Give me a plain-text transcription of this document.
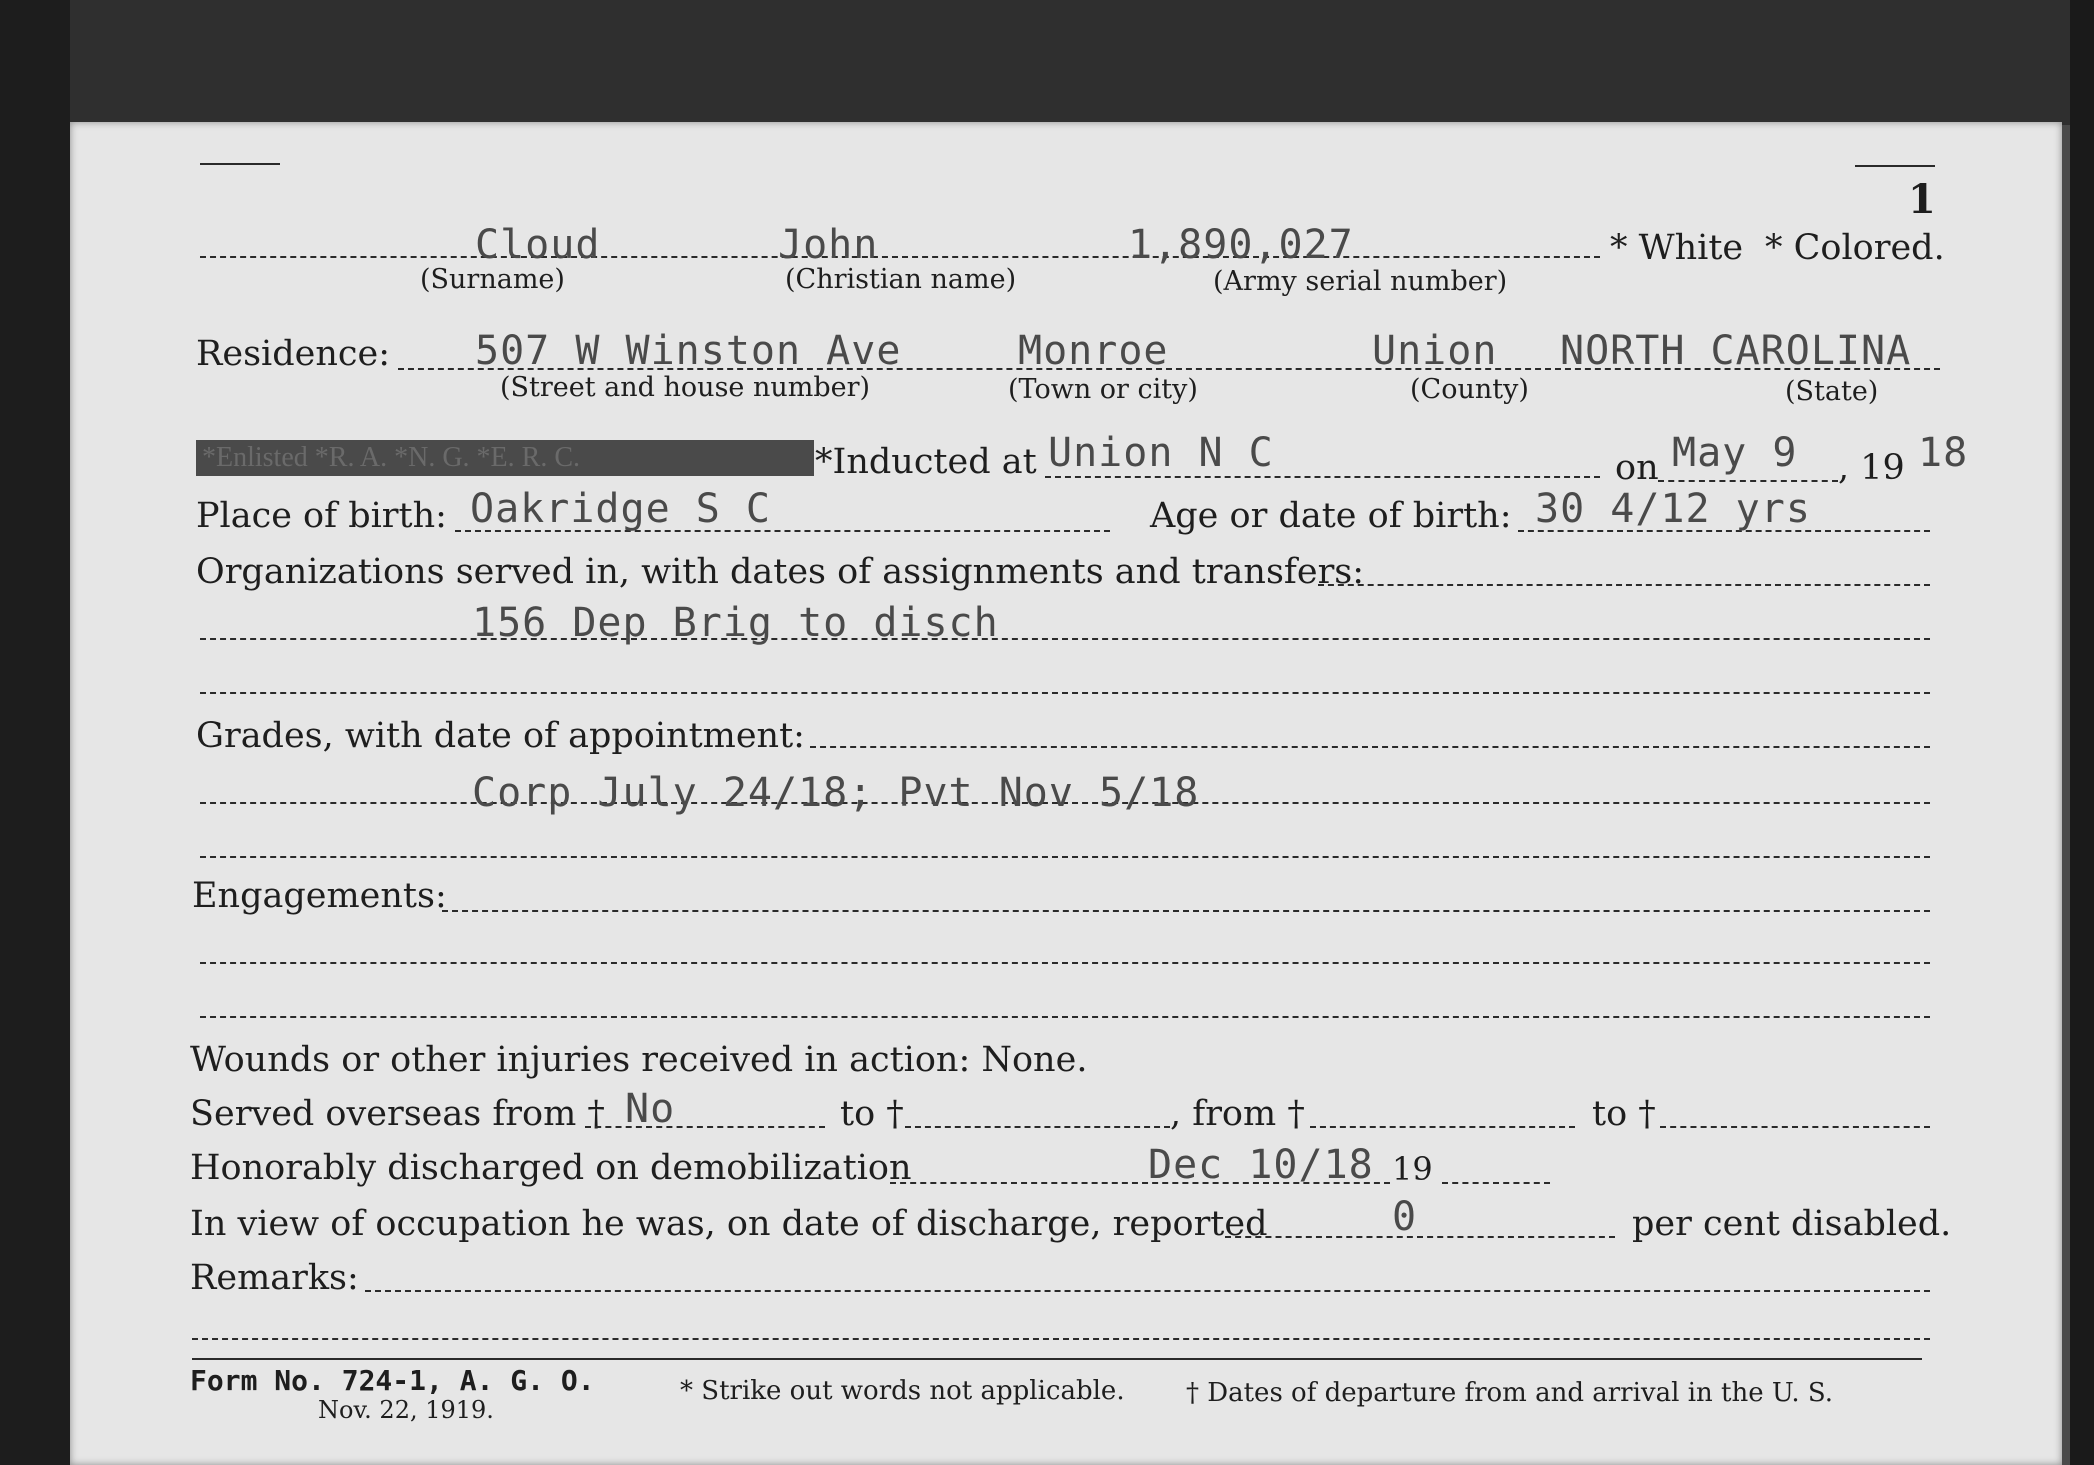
1
Cloud	John	1,890,027	* White * Colored.
(Surname)	(Christian name)	(Army serial number)
Residence: 507 W Winston Ave	Monroe	Union NORTH CAROLINA
(Street and house number)	(Town or city)	(County)	(State)
*Enlisted *R. A. *N. G. *E. R. C.	*Inducted at Union N C	on May 9 , 19 18
Place of birth: Oakridge S C	Age or date of birth: 30 4/12 yrs
Organizations served in, with dates of assignments and transfers:
156 Dep Brig to disch
Grades, with date of appointment:
Corp July 24/18; Pvt Nov 5/18
Engagements:
Wounds or other injuries received in action: None.
Served overseas from † No	to †	, from †	to †
Honorably discharged on demobilization	Dec 10/18 19
In view of occupation he was, on date of discharge, reported	0	per cent disabled.
Remarks:
Form No. 724-1, A. G. O.
Nov. 22, 1919.
* Strike out words not applicable. † Dates of departure from and arrival in the U. S.
